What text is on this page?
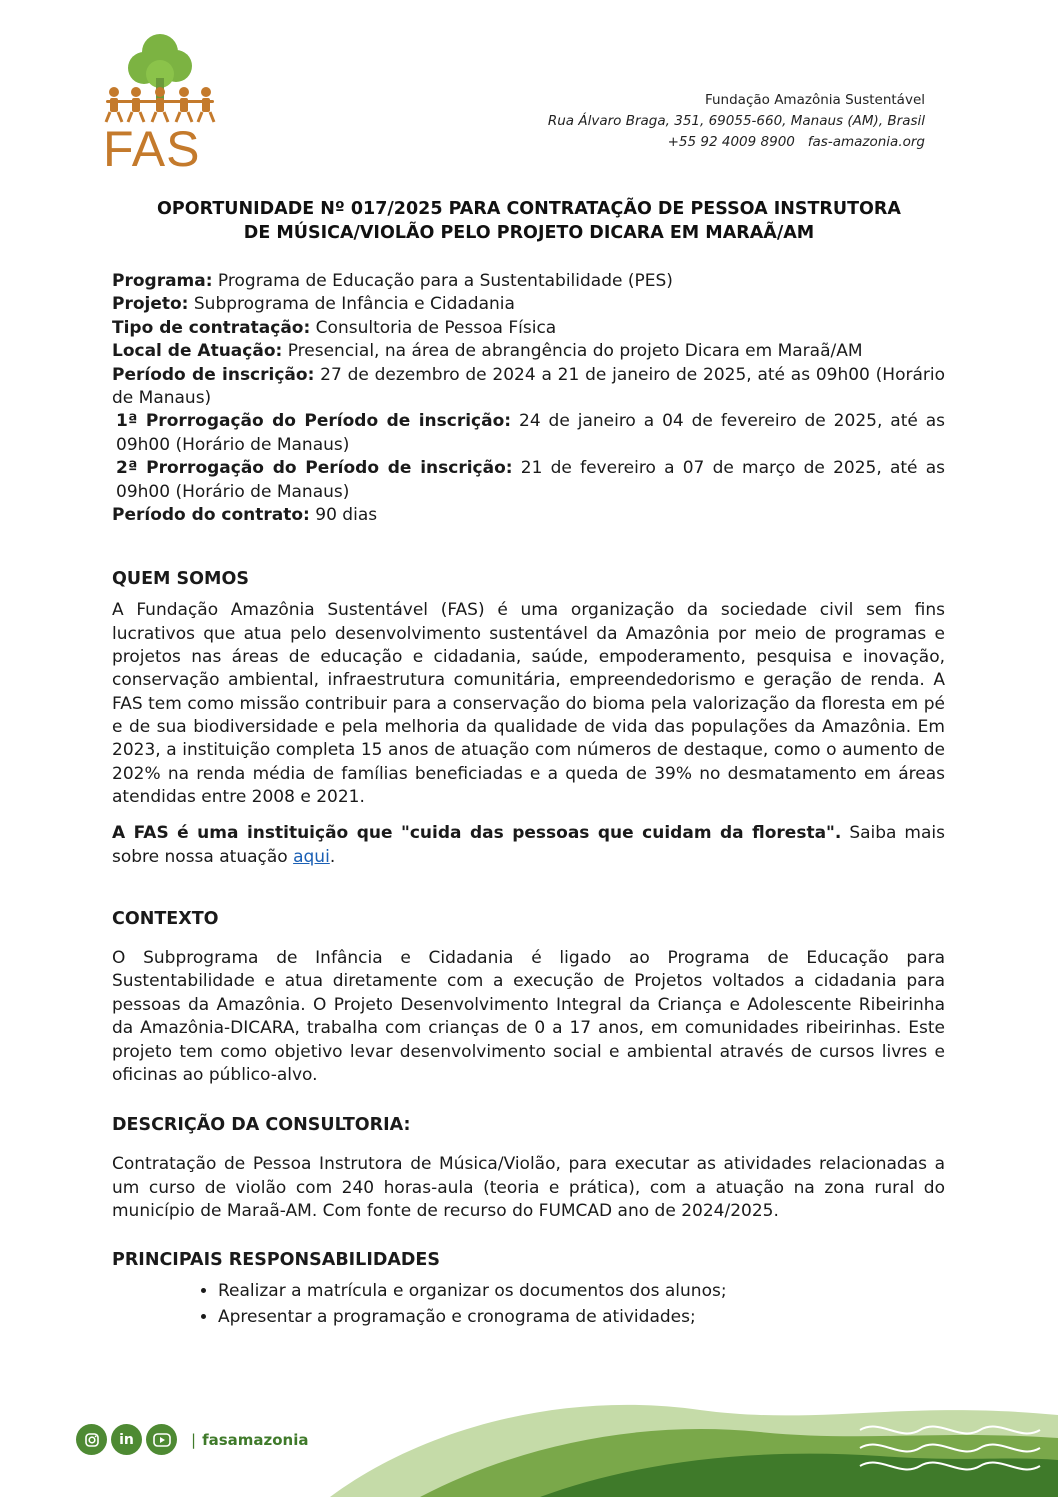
FAS
Fundação Amazônia Sustentável
Rua Álvaro Braga, 351, 69055-660, Manaus (AM), Brasil
+55 92 4009 8900 fas-amazonia.org
OPORTUNIDADE Nº 017/2025 PARA CONTRATAÇÃO DE PESSOA INSTRUTORA
DE MÚSICA/VIOLÃO PELO PROJETO DICARA EM MARAÃ/AM
Programa: Programa de Educação para a Sustentabilidade (PES)
Projeto: Subprograma de Infância e Cidadania
Tipo de contratação: Consultoria de Pessoa Física
Local de Atuação: Presencial, na área de abrangência do projeto Dicara em Maraã/AM
Período de inscrição: 27 de dezembro de 2024 a 21 de janeiro de 2025, até as 09h00 (Horário de Manaus)
1ª Prorrogação do Período de inscrição: 24 de janeiro a 04 de fevereiro de 2025, até as 09h00 (Horário de Manaus)
2ª Prorrogação do Período de inscrição: 21 de fevereiro a 07 de março de 2025, até as 09h00 (Horário de Manaus)
Período do contrato: 90 dias
QUEM SOMOS

A Fundação Amazônia Sustentável (FAS) é uma organização da sociedade civil sem fins lucrativos que atua pelo desenvolvimento sustentável da Amazônia por meio de programas e projetos nas áreas de educação e cidadania, saúde, empoderamento, pesquisa e inovação, conservação ambiental, infraestrutura comunitária, empreendedorismo e geração de renda. A FAS tem como missão contribuir para a conservação do bioma pela valorização da floresta em pé e de sua biodiversidade e pela melhoria da qualidade de vida das populações da Amazônia. Em 2023, a instituição completa 15 anos de atuação com números de destaque, como o aumento de 202% na renda média de famílias beneficiadas e a queda de 39% no desmatamento em áreas atendidas entre 2008 e 2021.

A FAS é uma instituição que "cuida das pessoas que cuidam da floresta". Saiba mais sobre nossa atuação aqui.

CONTEXTO

O Subprograma de Infância e Cidadania é ligado ao Programa de Educação para Sustentabilidade e atua diretamente com a execução de Projetos voltados a cidadania para pessoas da Amazônia. O Projeto Desenvolvimento Integral da Criança e Adolescente Ribeirinha da Amazônia-DICARA, trabalha com crianças de 0 a 17 anos, em comunidades ribeirinhas. Este projeto tem como objetivo levar desenvolvimento social e ambiental através de cursos livres e oficinas ao público-alvo.

DESCRIÇÃO DA CONSULTORIA:

Contratação de Pessoa Instrutora de Música/Violão, para executar as atividades relacionadas a um curso de violão com 240 horas-aula (teoria e prática), com a atuação na zona rural do município de Maraã-AM. Com fonte de recurso do FUMCAD ano de 2024/2025.

PRINCIPAIS RESPONSABILIDADES
• Realizar a matrícula e organizar os documentos dos alunos;
• Apresentar a programação e cronograma de atividades;
in	| fasamazonia
